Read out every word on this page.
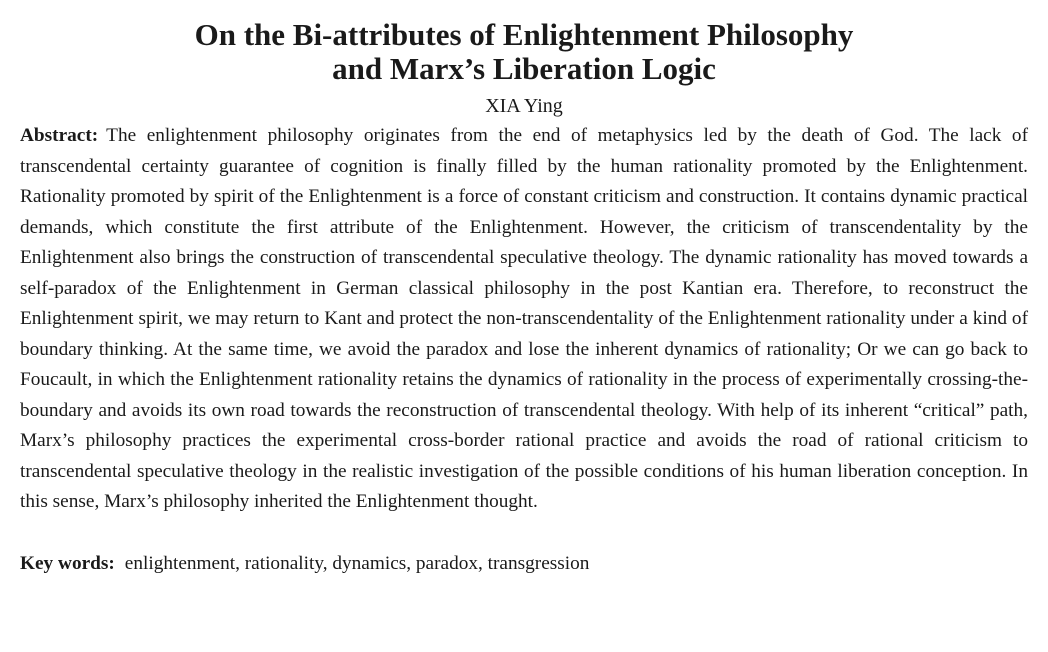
On the Bi-attributes of Enlightenment Philosophy
and Marx’s Liberation Logic
XIA Ying
Abstract: The enlightenment philosophy originates from the end of metaphysics led by the death of God. The lack of transcendental certainty guarantee of cognition is finally filled by the human rationality promoted by the Enlightenment. Rationality promoted by spirit of the Enlightenment is a force of constant criticism and construction. It contains dynamic practical demands, which constitute the first attribute of the Enlightenment. However, the criticism of transcendentality by the Enlightenment also brings the construction of transcendental speculative theology. The dynamic rationality has moved towards a self-paradox of the Enlightenment in German classical philosophy in the post Kantian era. Therefore, to reconstruct the Enlightenment spirit, we may return to Kant and protect the non-transcendentality of the Enlightenment rationality under a kind of boundary thinking. At the same time, we avoid the paradox and lose the inherent dynamics of rationality; Or we can go back to Foucault, in which the Enlightenment rationality retains the dynamics of rationality in the process of experimentally crossing-the-boundary and avoids its own road towards the reconstruction of transcendental theology. With help of its inherent “critical” path, Marx’s philosophy practices the experimental cross-border rational practice and avoids the road of rational criticism to transcendental speculative theology in the realistic investigation of the possible conditions of his human liberation conception. In this sense, Marx’s philosophy inherited the Enlightenment thought.
Key words: enlightenment, rationality, dynamics, paradox, transgression
